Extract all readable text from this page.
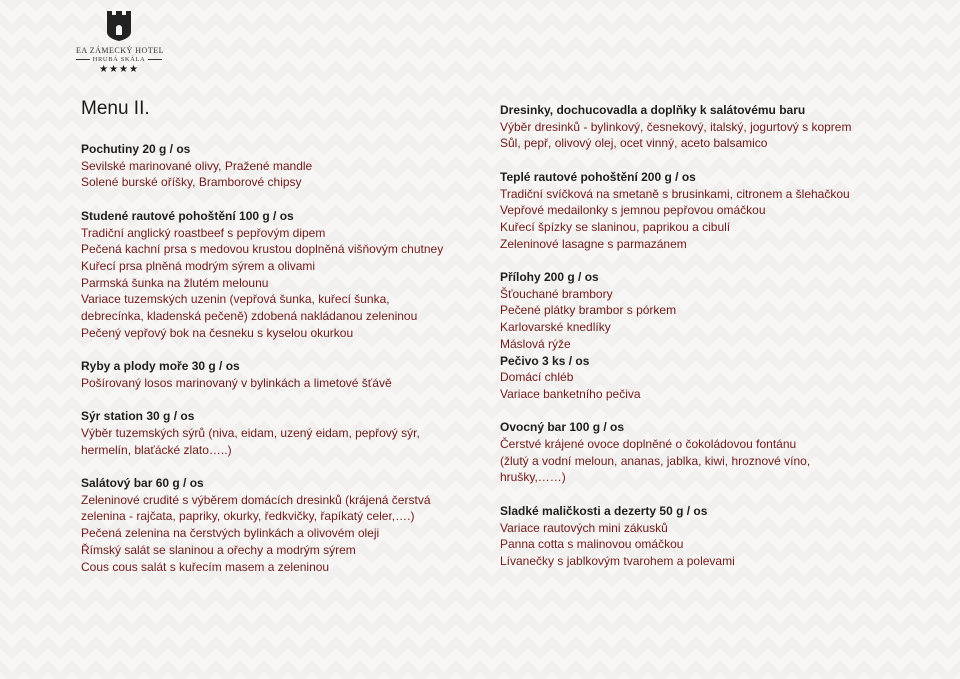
EA ZÁMECKÝ HOTEL
HRUBÁ SKÁLA
★★★★
Menu II.
Pochutiny 20 g / os
Sevilské marinované olivy, Pražené mandle
Solené burské oříšky, Bramborové chipsy
Studené rautové pohoštění 100 g / os
Tradiční anglický roastbeef s pepřovým dipem
Pečená kachní prsa s medovou krustou doplněná višňovým chutney
Kuřecí prsa plněná modrým sýrem a olivami
Parmská šunka na žlutém melounu
Variace tuzemských uzenin (vepřová šunka, kuřecí šunka,
debrecínka, kladenská pečeně) zdobená nakládanou zeleninou
Pečený vepřový bok na česneku s kyselou okurkou
Ryby a plody moře 30 g / os
Pošírovaný losos marinovaný v bylinkách a limetové šťávě
Sýr station 30 g / os
Výběr tuzemských sýrů (niva, eidam, uzený eidam, pepřový sýr,
hermelín, blaťácké zlato…..)
Salátový bar 60 g / os
Zeleninové crudité s výběrem domácích dresinků (krájená čerstvá
zelenina - rajčata, papriky, okurky, ředkvičky, řapíkatý celer,….)
Pečená zelenina na čerstvých bylinkách a olivovém oleji
Římský salát se slaninou a ořechy a modrým sýrem
Cous cous salát s kuřecím masem a zeleninou
Dresinky, dochucovadla a doplňky k salátovému baru
Výběr dresinků - bylinkový, česnekový, italský, jogurtový s koprem
Sůl, pepř, olivový olej, ocet vinný, aceto balsamico
Teplé rautové pohoštění 200 g / os
Tradiční svíčková na smetaně s brusinkami, citronem a šlehačkou
Vepřové medailonky s jemnou pepřovou omáčkou
Kuřecí špízky se slaninou, paprikou a cibulí
Zeleninové lasagne s parmazánem
Přílohy 200 g / os
Šťouchané brambory
Pečené plátky brambor s pórkem
Karlovarské knedlíky
Máslová rýže
Pečivo 3 ks / os
Domácí chléb
Variace banketního pečiva
Ovocný bar 100 g / os
Čerstvé krájené ovoce doplněné o čokoládovou fontánu
(žlutý a vodní meloun, ananas, jablka, kiwi, hroznové víno,
hrušky,……)
Sladké maličkosti a dezerty 50 g / os
Variace rautových mini zákusků
Panna cotta s malinovou omáčkou
Lívanečky s jablkovým tvarohem a polevami
